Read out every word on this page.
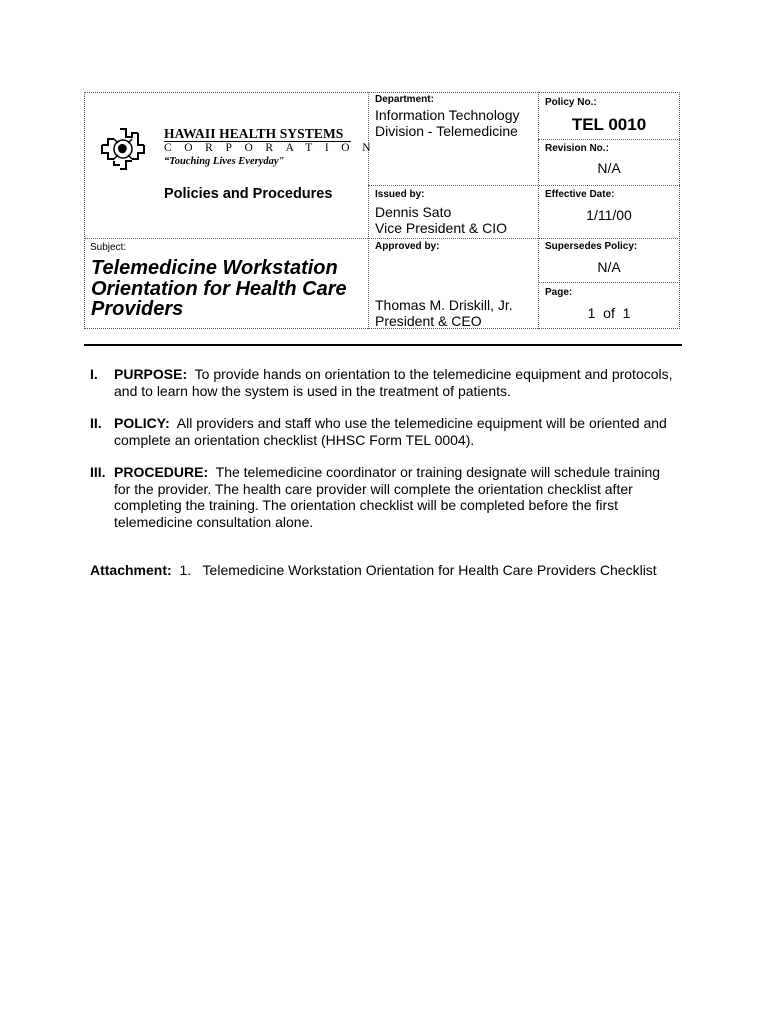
HAWAII HEALTH SYSTEMS
CORPORATION
“Touching Lives Everyday"
Policies and Procedures
Department:
Information Technology
Division - Telemedicine
Policy No.:
TEL 0010
Revision No.:
N/A
Issued by:
Dennis Sato
Vice President & CIO
Effective Date:
1/11/00
Subject:
Telemedicine Workstation
Orientation for Health Care
Providers
Approved by:
Thomas M. Driskill, Jr.
President & CEO
Supersedes Policy:
N/A
Page:
1  of  1
I. PURPOSE: To provide hands on orientation to the telemedicine equipment and protocols, and to learn how the system is used in the treatment of patients.
II. POLICY: All providers and staff who use the telemedicine equipment will be oriented and complete an orientation checklist (HHSC Form TEL 0004).
III. PROCEDURE: The telemedicine coordinator or training designate will schedule training for the provider. The health care provider will complete the orientation checklist after completing the training. The orientation checklist will be completed before the first telemedicine consultation alone.
Attachment: 1.   Telemedicine Workstation Orientation for Health Care Providers Checklist
